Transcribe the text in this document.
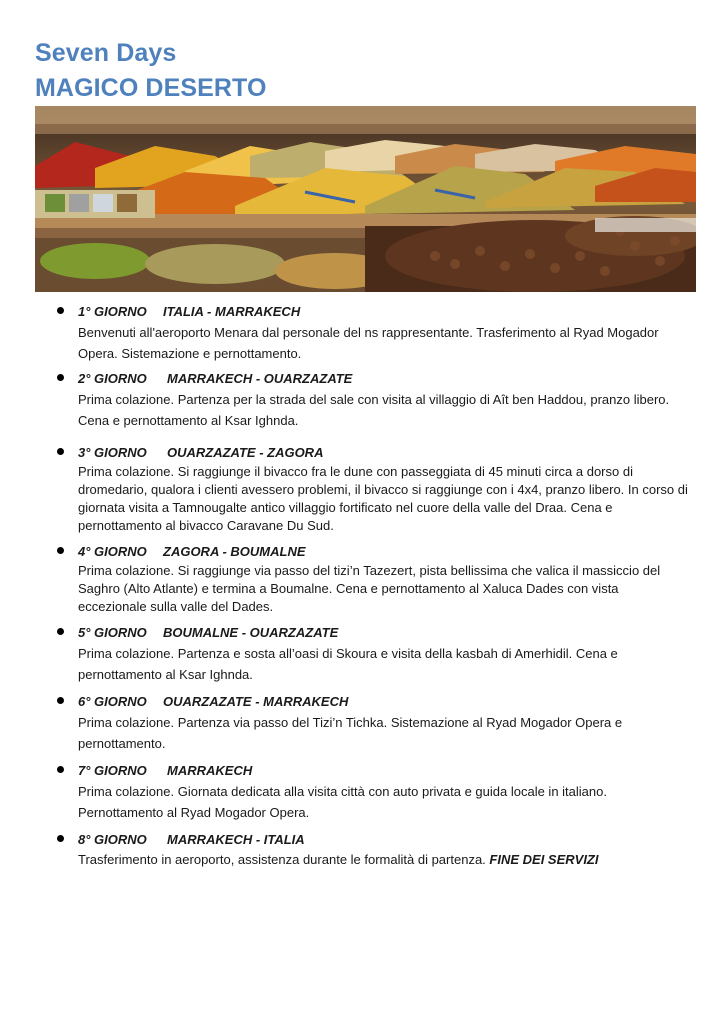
Seven Days
MAGICO DESERTO
1° GIORNO ITALIA - MARRAKECH
Benvenuti all'aeroporto Menara dal personale del ns rappresentante. Trasferimento al Ryad Mogador Opera. Sistemazione e pernottamento.
2° GIORNO MARRAKECH - OUARZAZATE
Prima colazione. Partenza per la strada del sale con visita al villaggio di Aît ben Haddou, pranzo libero. Cena e pernottamento al Ksar Ighnda.
3° GIORNO OUARZAZATE - ZAGORA
Prima colazione. Si raggiunge il bivacco fra le dune con passeggiata di 45 minuti circa a dorso di dromedario, qualora i clienti avessero problemi, il bivacco si raggiunge con i 4x4, pranzo libero. In corso di giornata visita a Tamnougalte antico villaggio fortificato nel cuore della valle del Draa. Cena e pernottamento al bivacco Caravane Du Sud.
4° GIORNO ZAGORA - BOUMALNE
Prima colazione. Si raggiunge via passo del tizi’n Tazezert, pista bellissima che valica il massiccio del Saghro (Alto Atlante) e termina a Boumalne. Cena e pernottamento al Xaluca Dades con vista eccezionale sulla valle del Dades.
5° GIORNO BOUMALNE - OUARZAZATE
Prima colazione. Partenza e sosta all’oasi di Skoura e visita della kasbah di Amerhidil. Cena e pernottamento al Ksar Ighnda.
6° GIORNO OUARZAZATE - MARRAKECH
Prima colazione. Partenza via passo del Tizi’n Tichka. Sistemazione al Ryad Mogador Opera e pernottamento.
7° GIORNO MARRAKECH
Prima colazione. Giornata dedicata alla visita città con auto privata e guida locale in italiano. Pernottamento al Ryad Mogador Opera.
8° GIORNO MARRAKECH - ITALIA
Trasferimento in aeroporto, assistenza durante le formalità di partenza. FINE DEI SERVIZI
